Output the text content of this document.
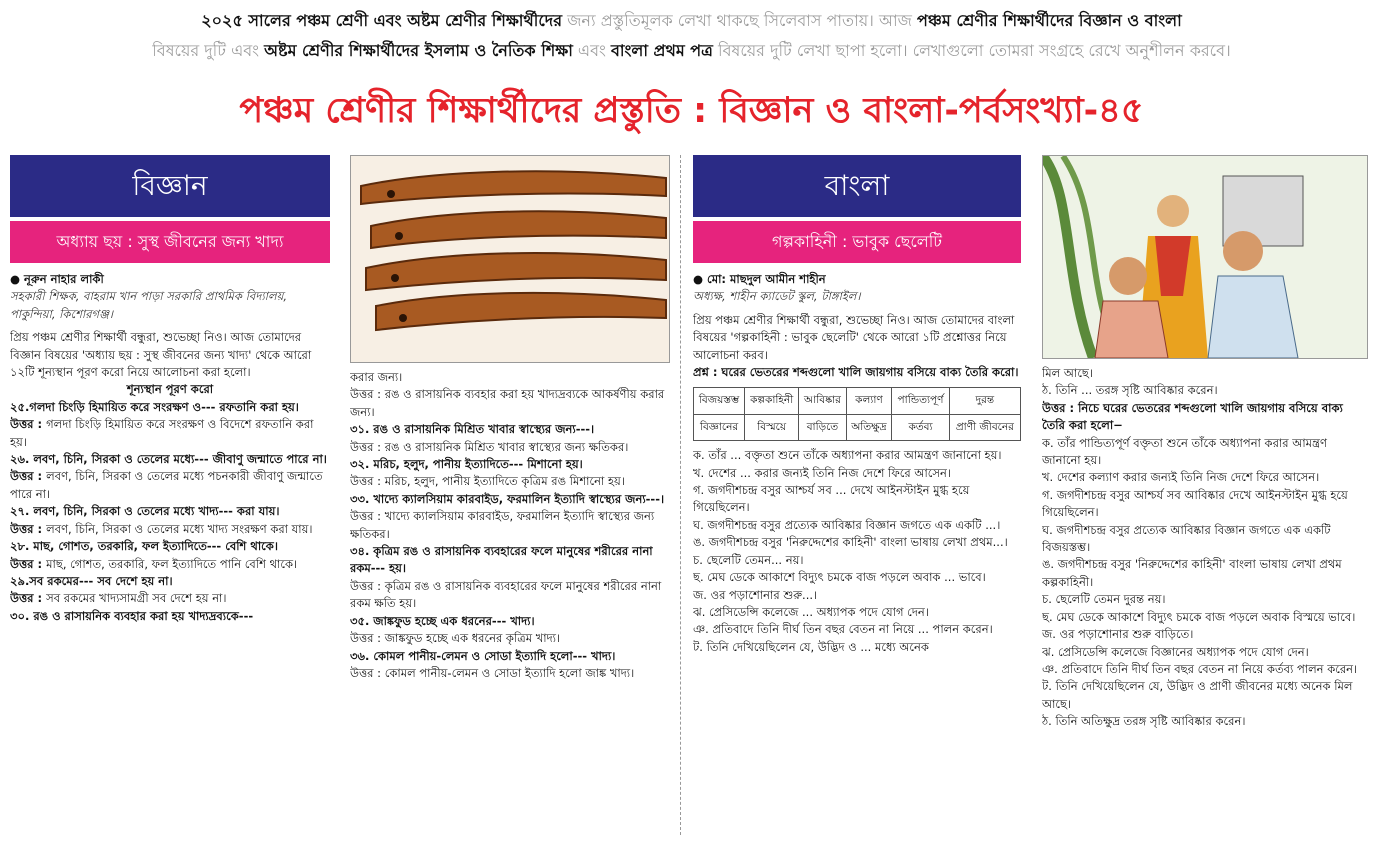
২০২৫ সালের পঞ্চম শ্রেণী এবং অষ্টম শ্রেণীর শিক্ষার্থীদের জন্য প্রস্তুতিমূলক লেখা থাকছে সিলেবাস পাতায়। আজ পঞ্চম শ্রেণীর শিক্ষার্থীদের বিজ্ঞান ও বাংলা
বিষয়ের দুটি এবং অষ্টম শ্রেণীর শিক্ষার্থীদের ইসলাম ও নৈতিক শিক্ষা এবং বাংলা প্রথম পত্র বিষয়ের দুটি লেখা ছাপা হলো। লেখাগুলো তোমরা সংগ্রহে রেখে অনুশীলন করবে।
পঞ্চম শ্রেণীর শিক্ষার্থীদের প্রস্তুতি : বিজ্ঞান ও বাংলা-পর্বসংখ্যা-৪৫
বিজ্ঞান
অধ্যায় ছয় : সুস্থ জীবনের জন্য খাদ্য

● নূরুন নাহার লাকী

সহকারী শিক্ষক, বাহরাম খান পাড়া সরকারি প্রাথমিক বিদ্যালয়, পাকুন্দিয়া, কিশোরগঞ্জ।

প্রিয় পঞ্চম শ্রেণীর শিক্ষার্থী বন্ধুরা, শুভেচ্ছা নিও। আজ তোমাদের বিজ্ঞান বিষয়ের 'অধ্যায় ছয় : সুস্থ জীবনের জন্য খাদ্য' থেকে আরো ১২টি শূন্যস্থান পূরণ করো নিয়ে আলোচনা করা হলো।

শূন্যস্থান পূরণ করো

২৫.গলদা চিংড়ি হিমায়িত করে সংরক্ষণ ও--- রফতানি করা হয়।

উত্তর : গলদা চিংড়ি হিমায়িত করে সংরক্ষণ ও বিদেশে রফতানি করা হয়।

২৬. লবণ, চিনি, সিরকা ও তেলের মধ্যে--- জীবাণু জন্মাতে পারে না।

উত্তর : লবণ, চিনি, সিরকা ও তেলের মধ্যে পচনকারী জীবাণু জন্মাতে পারে না।

২৭. লবণ, চিনি, সিরকা ও তেলের মধ্যে খাদ্য--- করা যায়।

উত্তর : লবণ, চিনি, সিরকা ও তেলের মধ্যে খাদ্য সংরক্ষণ করা যায়।

২৮. মাছ, গোশত, তরকারি, ফল ইত্যাদিতে--- বেশি থাকে।

উত্তর : মাছ, গোশত, তরকারি, ফল ইত্যাদিতে পানি বেশি থাকে।

২৯.সব রকমের--- সব দেশে হয় না।

উত্তর : সব রকমের খাদ্যসামগ্রী সব দেশে হয় না।

৩০. রঙ ও রাসায়নিক ব্যবহার করা হয় খাদ্যদ্রব্যকে---

করার জন্য।

উত্তর : রঙ ও রাসায়নিক ব্যবহার করা হয় খাদ্যদ্রব্যকে আকর্ষণীয় করার জন্য।

৩১. রঙ ও রাসায়নিক মিশ্রিত খাবার স্বাস্থ্যের জন্য---।

উত্তর : রঙ ও রাসায়নিক মিশ্রিত খাবার স্বাস্থ্যের জন্য ক্ষতিকর।

৩২. মরিচ, হলুদ, পানীয় ইত্যাদিতে--- মিশানো হয়।

উত্তর : মরিচ, হলুদ, পানীয় ইত্যাদিতে কৃত্রিম রঙ মিশানো হয়।

৩৩. খাদ্যে ক্যালসিয়াম কারবাইড, ফরমালিন ইত্যাদি স্বাস্থ্যের জন্য---।

উত্তর : খাদ্যে ক্যালসিয়াম কারবাইড, ফরমালিন ইত্যাদি স্বাস্থ্যের জন্য ক্ষতিকর।

৩৪. কৃত্রিম রঙ ও রাসায়নিক ব্যবহারের ফলে মানুষের শরীরের নানা রকম--- হয়।

উত্তর : কৃত্রিম রঙ ও রাসায়নিক ব্যবহারের ফলে মানুষের শরীরের নানা রকম ক্ষতি হয়।

৩৫. জাঙ্কফুড হচ্ছে এক ধরনের--- খাদ্য।

উত্তর : জাঙ্কফুড হচ্ছে এক ধরনের কৃত্রিম খাদ্য।

৩৬. কোমল পানীয়-লেমন ও সোডা ইত্যাদি হলো--- খাদ্য।

উত্তর : কোমল পানীয়-লেমন ও সোডা ইত্যাদি হলো জাঙ্ক খাদ্য।

বাংলা
গল্পকাহিনী : ভাবুক ছেলেটি

● মো: মাছদুল আমীন শাহীন

অধ্যক্ষ, শাহীন ক্যাডেট স্কুল, টাঙ্গাইল।

প্রিয় পঞ্চম শ্রেণীর শিক্ষার্থী বন্ধুরা, শুভেচ্ছা নিও। আজ তোমাদের বাংলা বিষয়ের 'গল্পকাহিনী : ভাবুক ছেলেটি' থেকে আরো ১টি প্রশ্নোত্তর নিয়ে আলোচনা করব।

প্রশ্ন : ঘরের ভেতরের শব্দগুলো খালি জায়গায় বসিয়ে বাক্য তৈরি করো।

বিজয়স্তম্ভ	কল্পকাহিনী	আবিষ্কার	কল্যাণ	পান্ডিত্যপূর্ণ	দুরন্ত
বিজ্ঞানের	বিস্ময়ে	বাড়িতে	অতিক্ষুদ্র	কর্তব্য	প্রাণী জীবনের

ক. তাঁর ... বক্তৃতা শুনে তাঁকে অধ্যাপনা করার আমন্ত্রণ জানানো হয়।

খ. দেশের ... করার জন্যই তিনি নিজ দেশে ফিরে আসেন।

গ. জগদীশচন্দ্র বসুর আশ্চর্য সব ... দেখে আইনস্টাইন মুগ্ধ হয়ে গিয়েছিলেন।

ঘ. জগদীশচন্দ্র বসুর প্রত্যেক আবিষ্কার বিজ্ঞান জগতে এক একটি ...।

ঙ. জগদীশচন্দ্র বসুর 'নিরুদ্দেশের কাহিনী' বাংলা ভাষায় লেখা প্রথম...।

চ. ছেলেটি তেমন... নয়।

ছ. মেঘ ডেকে আকাশে বিদ্যুৎ চমকে বাজ পড়লে অবাক ... ভাবে।

জ. ওর পড়াশোনার শুরু...।

ঝ. প্রেসিডেন্সি কলেজে ... অধ্যাপক পদে যোগ দেন।

ঞ. প্রতিবাদে তিনি দীর্ঘ তিন বছর বেতন না নিয়ে ... পালন করেন।

ট. তিনি দেখিয়েছিলেন যে, উদ্ভিদ ও ... মধ্যে অনেক

মিল আছে।

ঠ. তিনি ... তরঙ্গ সৃষ্টি আবিষ্কার করেন।

উত্তর : নিচে ঘরের ভেতরের শব্দগুলো খালি জায়গায় বসিয়ে বাক্য তৈরি করা হলো−

ক. তাঁর পান্ডিত্যপূর্ণ বক্তৃতা শুনে তাঁকে অধ্যাপনা করার আমন্ত্রণ জানানো হয়।

খ. দেশের কল্যাণ করার জন্যই তিনি নিজ দেশে ফিরে আসেন।

গ. জগদীশচন্দ্র বসুর আশ্চর্য সব আবিষ্কার দেখে আইনস্টাইন মুগ্ধ হয়ে গিয়েছিলেন।

ঘ. জগদীশচন্দ্র বসুর প্রত্যেক আবিষ্কার বিজ্ঞান জগতে এক একটি বিজয়স্তম্ভ।

ঙ. জগদীশচন্দ্র বসুর 'নিরুদ্দেশের কাহিনী' বাংলা ভাষায় লেখা প্রথম কল্পকাহিনী।

চ. ছেলেটি তেমন দুরন্ত নয়।

ছ. মেঘ ডেকে আকাশে বিদ্যুৎ চমকে বাজ পড়লে অবাক বিস্ময়ে ভাবে।

জ. ওর পড়াশোনার শুরু বাড়িতে।

ঝ. প্রেসিডেন্সি কলেজে বিজ্ঞানের অধ্যাপক পদে যোগ দেন।

ঞ. প্রতিবাদে তিনি দীর্ঘ তিন বছর বেতন না নিয়ে কর্তব্য পালন করেন।

ট. তিনি দেখিয়েছিলেন যে, উদ্ভিদ ও প্রাণী জীবনের মধ্যে অনেক মিল আছে।

ঠ. তিনি অতিক্ষুদ্র তরঙ্গ সৃষ্টি আবিষ্কার করেন।
